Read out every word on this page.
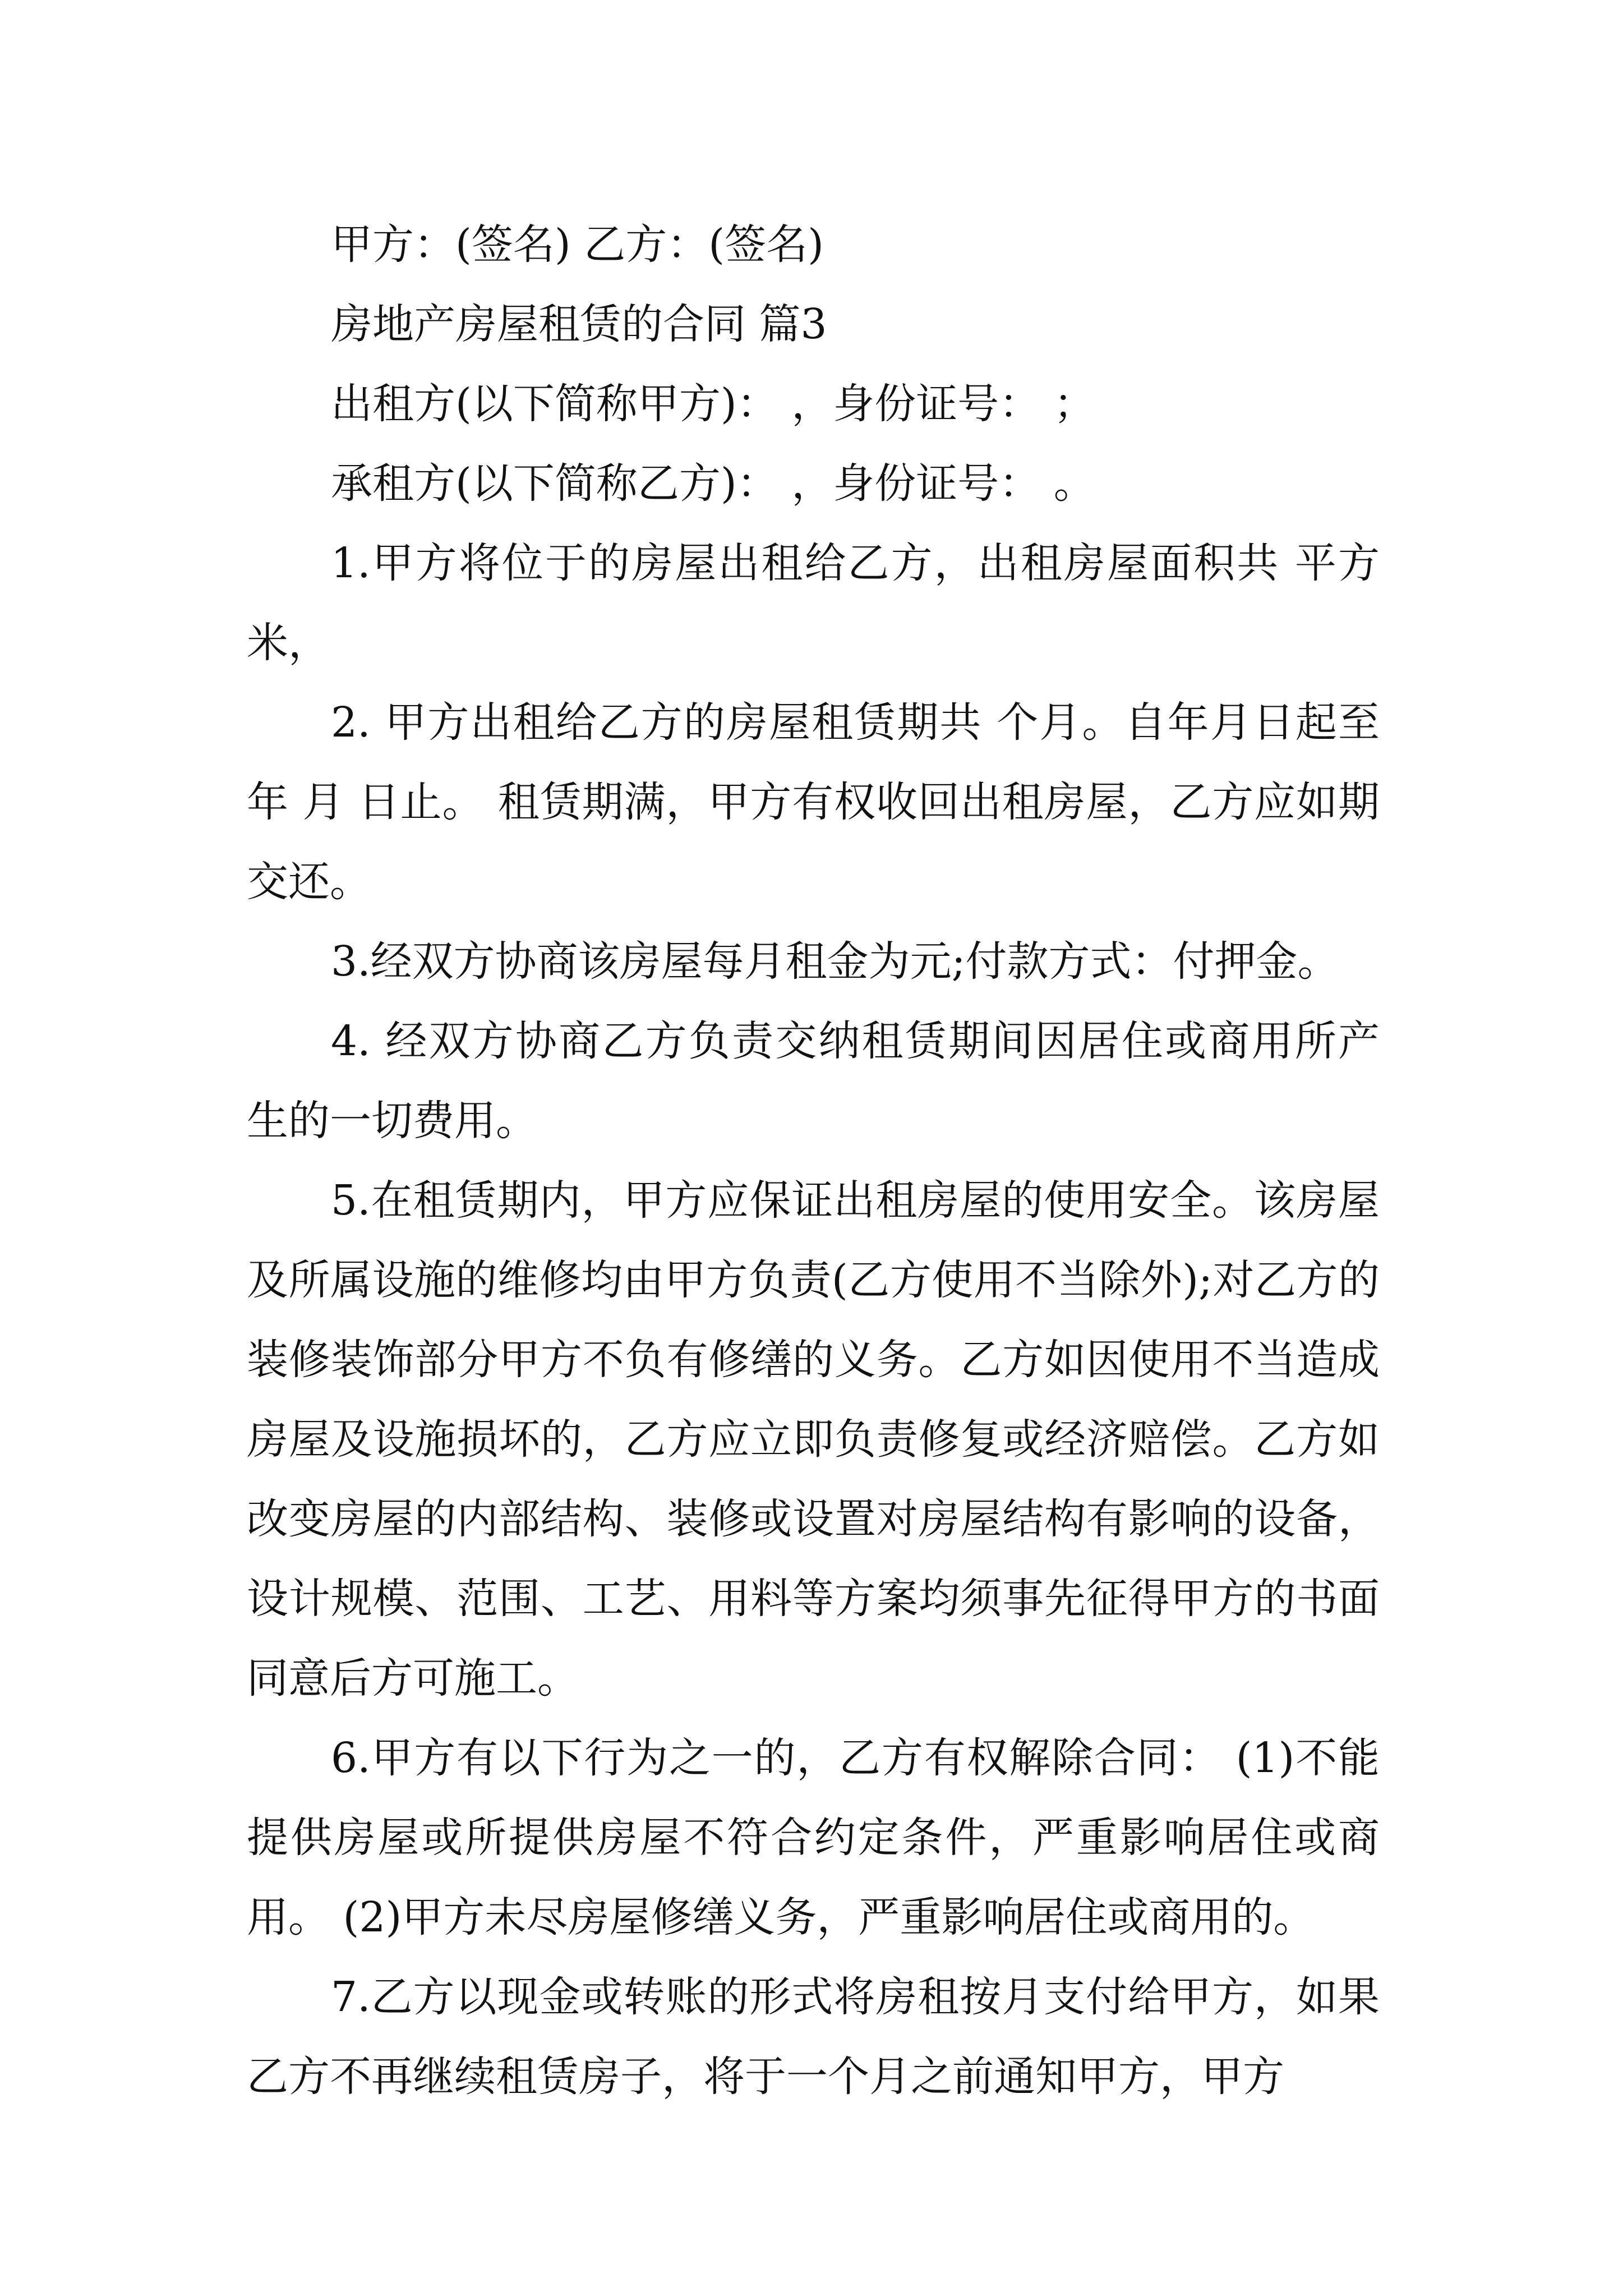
甲方：(签名) 乙方：(签名)

房地产房屋租赁的合同 篇3

出租方(以下简称甲方)： ，身份证号： ；

承租方(以下简称乙方)： ，身份证号： 。

1.甲方将位于的房屋出租给乙方，出租房屋面积共 平方米，

2. 甲方出租给乙方的房屋租赁期共 个月。自年月日起至 年 月 日止。 租赁期满，甲方有权收回出租房屋，乙方应如期交还。

3.经双方协商该房屋每月租金为元;付款方式：付押金。

4. 经双方协商乙方负责交纳租赁期间因居住或商用所产生的一切费用。

5.在租赁期内，甲方应保证出租房屋的使用安全。该房屋及所属设施的维修均由甲方负责(乙方使用不当除外);对乙方的装修装饰部分甲方不负有修缮的义务。乙方如因使用不当造成房屋及设施损坏的，乙方应立即负责修复或经济赔偿。乙方如改变房屋的内部结构、装修或设置对房屋结构有影响的设备，设计规模、范围、工艺、用料等方案均须事先征得甲方的书面同意后方可施工。

6.甲方有以下行为之一的，乙方有权解除合同： (1)不能提供房屋或所提供房屋不符合约定条件，严重影响居住或商用。 (2)甲方未尽房屋修缮义务，严重影响居住或商用的。

7.乙方以现金或转账的形式将房租按月支付给甲方，如果乙方不再继续租赁房子，将于一个月之前通知甲方，甲方
